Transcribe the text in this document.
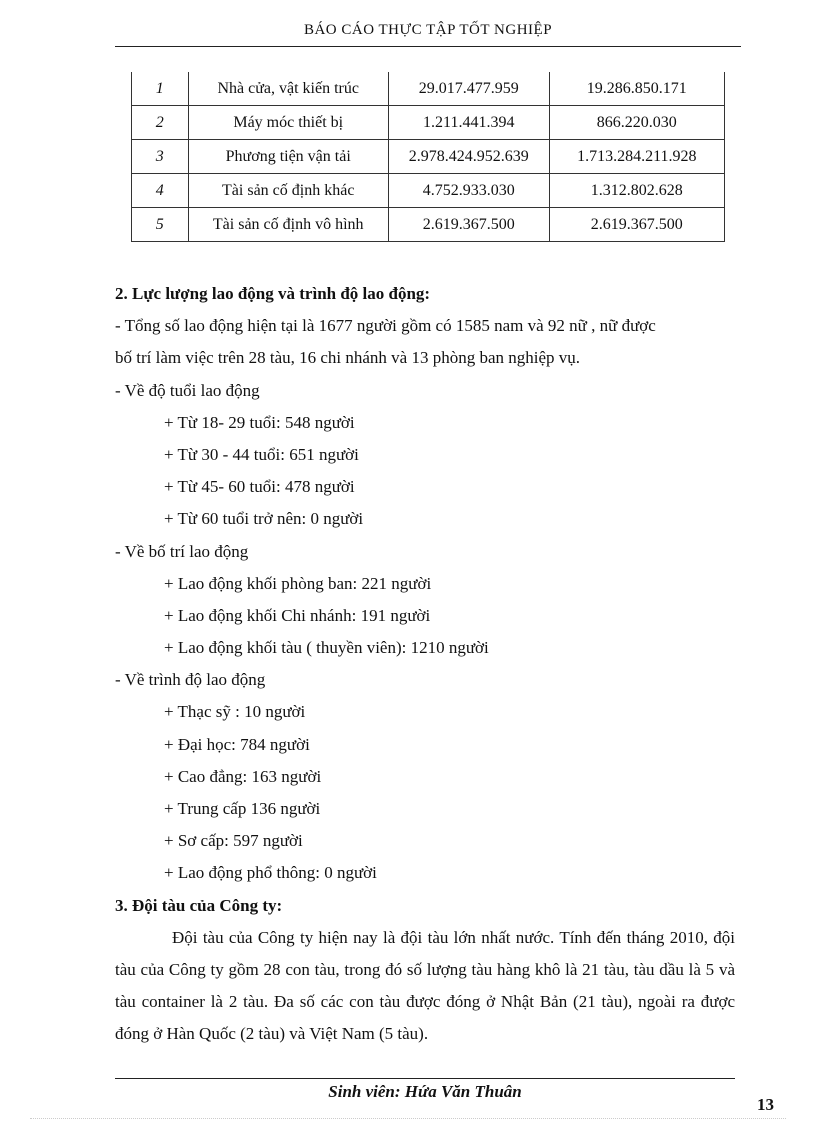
BÁO CÁO THỰC TẬP TỐT NGHIỆP
1	Nhà cửa, vật kiến trúc	29.017.477.959	19.286.850.171
2	Máy móc thiết bị	1.211.441.394	866.220.030
3	Phương tiện vận tải	2.978.424.952.639	1.713.284.211.928
4	Tài sản cố định khác	4.752.933.030	1.312.802.628
5	Tài sản cố định vô hình	2.619.367.500	2.619.367.500
2. Lực lượng lao động và trình độ lao động:
- Tổng số lao động hiện tại là 1677 người gồm có 1585 nam và 92 nữ , nữ được
bố trí làm việc trên 28 tàu, 16 chi nhánh và 13 phòng ban nghiệp vụ.
- Về độ tuổi lao động
+ Từ 18- 29 tuổi: 548 người
+ Từ 30 - 44 tuổi: 651 người
+ Từ 45- 60 tuổi: 478 người
+ Từ 60 tuổi trở nên: 0 người
- Về bố trí lao động
+ Lao động khối phòng ban: 221 người
+ Lao động khối Chi nhánh: 191 người
+ Lao động khối tàu ( thuyền viên): 1210 người
- Về trình độ lao động
+ Thạc sỹ : 10 người
+ Đại học: 784 người
+ Cao đẳng: 163 người
+ Trung cấp 136 người
+ Sơ cấp: 597 người
+ Lao động phổ thông: 0 người
3. Đội tàu của Công ty:
Đội tàu của Công ty hiện nay là đội tàu lớn nhất nước. Tính đến tháng 2010, đội tàu của Công ty gồm 28 con tàu, trong đó số lượng tàu hàng khô là 21 tàu, tàu dầu là 5 và tàu container là 2 tàu. Đa số các con tàu được đóng ở Nhật Bản (21 tàu), ngoài ra được đóng ở Hàn Quốc (2 tàu) và Việt Nam (5 tàu).
Sinh viên: Hứa Văn Thuân
13
